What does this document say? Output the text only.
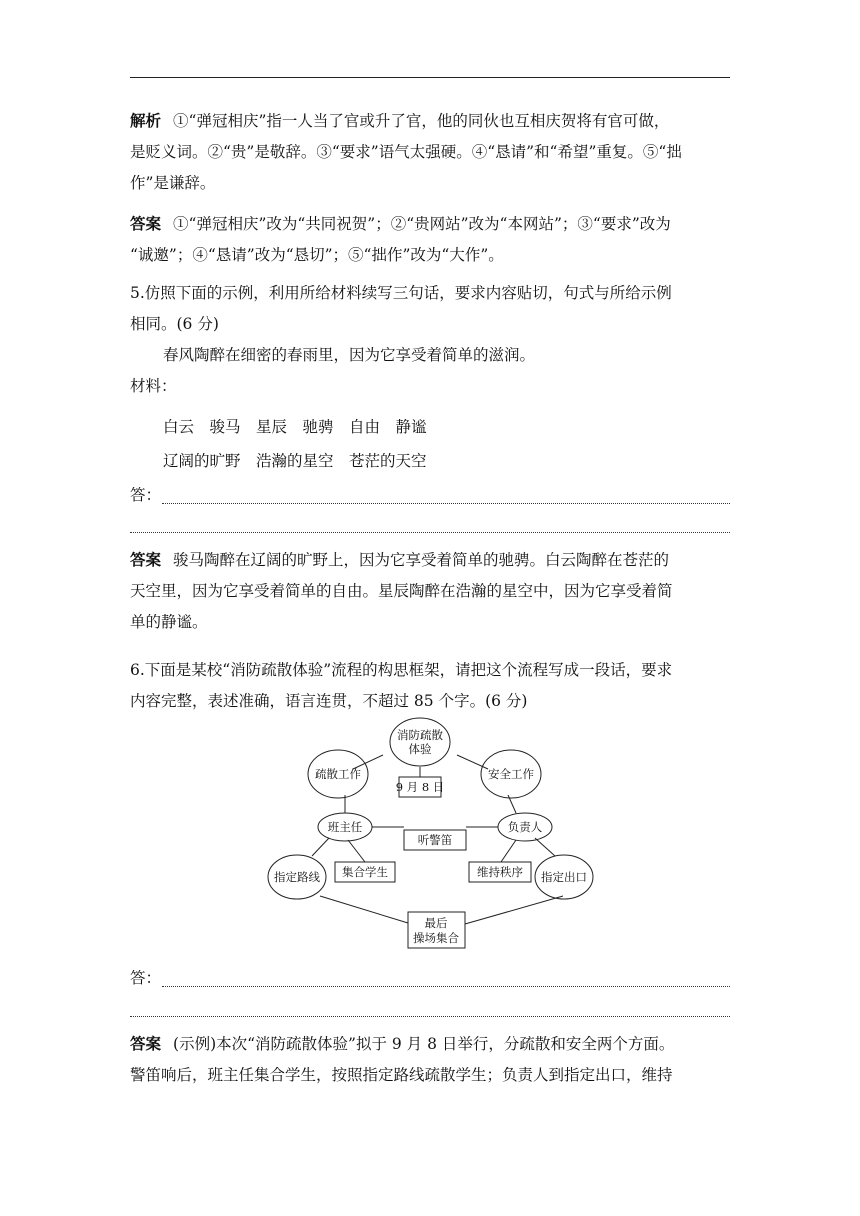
解析 ①“弹冠相庆”指一人当了官或升了官，他的同伙也互相庆贺将有官可做，
是贬义词。②“贵”是敬辞。③“要求”语气太强硬。④“恳请”和“希望”重复。⑤“拙
作”是谦辞。
答案 ①“弹冠相庆”改为“共同祝贺”；②“贵网站”改为“本网站”；③“要求”改为
“诚邀”；④“恳请”改为“恳切”；⑤“拙作”改为“大作”。
5.仿照下面的示例，利用所给材料续写三句话，要求内容贴切，句式与所给示例
相同。(6 分)
春风陶醉在细密的春雨里，因为它享受着简单的滋润。
材料：
白云　骏马　星辰　驰骋　自由　静谧
辽阔的旷野　浩瀚的星空　苍茫的天空
答：
答案 骏马陶醉在辽阔的旷野上，因为它享受着简单的驰骋。白云陶醉在苍茫的
天空里，因为它享受着简单的自由。星辰陶醉在浩瀚的星空中，因为它享受着简
单的静谧。
6.下面是某校“消防疏散体验”流程的构思框架，请把这个流程写成一段话，要求
内容完整，表述准确，语言连贯，不超过 85 个字。(6 分)
消防疏散
体验
疏散工作	安全工作
9 月 8 日
班主任
听警笛
负责人
指定路线 集合学生	维持秩序 指定出口
最后
操场集合
答：
答案 (示例)本次“消防疏散体验”拟于 9 月 8 日举行，分疏散和安全两个方面。
警笛响后，班主任集合学生，按照指定路线疏散学生；负责人到指定出口，维持
